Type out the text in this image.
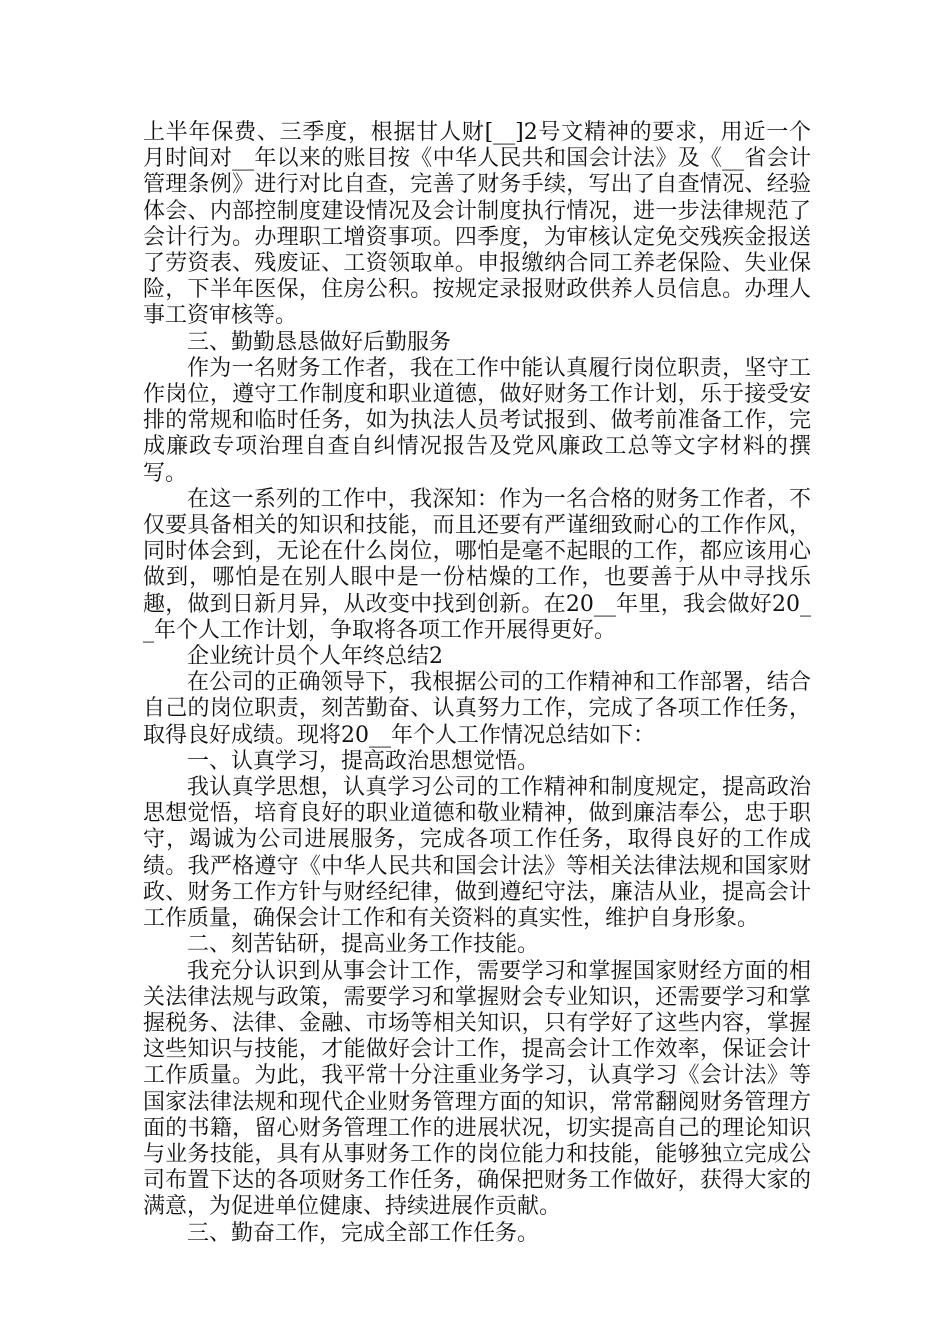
上半年保费、三季度，根据甘人财[__]2号文精神的要求，用近一个月时间对__年以来的账目按《中华人民共和国会计法》及《__省会计管理条例》进行对比自查，完善了财务手续，写出了自查情况、经验体会、内部控制度建设情况及会计制度执行情况，进一步法律规范了会计行为。办理职工增资事项。四季度，为审核认定免交残疾金报送了劳资表、残废证、工资领取单。申报缴纳合同工养老保险、失业保险，下半年医保，住房公积。按规定录报财政供养人员信息。办理人事工资审核等。

三、勤勤恳恳做好后勤服务

作为一名财务工作者，我在工作中能认真履行岗位职责，坚守工作岗位，遵守工作制度和职业道德，做好财务工作计划，乐于接受安排的常规和临时任务，如为执法人员考试报到、做考前准备工作，完成廉政专项治理自查自纠情况报告及党风廉政工总等文字材料的撰写。

在这一系列的工作中，我深知：作为一名合格的财务工作者，不仅要具备相关的知识和技能，而且还要有严谨细致耐心的工作作风，同时体会到，无论在什么岗位，哪怕是毫不起眼的工作，都应该用心做到，哪怕是在别人眼中是一份枯燥的工作，也要善于从中寻找乐趣，做到日新月异，从改变中找到创新。在20__年里，我会做好20__年个人工作计划，争取将各项工作开展得更好。

企业统计员个人年终总结2

在公司的正确领导下，我根据公司的工作精神和工作部署，结合自己的岗位职责，刻苦勤奋、认真努力工作，完成了各项工作任务，取得良好成绩。现将20__年个人工作情况总结如下：

一、认真学习，提高政治思想觉悟。

我认真学思想，认真学习公司的工作精神和制度规定，提高政治思想觉悟，培育良好的职业道德和敬业精神，做到廉洁奉公，忠于职守，竭诚为公司进展服务，完成各项工作任务，取得良好的工作成绩。我严格遵守《中华人民共和国会计法》等相关法律法规和国家财政、财务工作方针与财经纪律，做到遵纪守法，廉洁从业，提高会计工作质量，确保会计工作和有关资料的真实性，维护自身形象。

二、刻苦钻研，提高业务工作技能。

我充分认识到从事会计工作，需要学习和掌握国家财经方面的相关法律法规与政策，需要学习和掌握财会专业知识，还需要学习和掌握税务、法律、金融、市场等相关知识，只有学好了这些内容，掌握这些知识与技能，才能做好会计工作，提高会计工作效率，保证会计工作质量。为此，我平常十分注重业务学习，认真学习《会计法》等国家法律法规和现代企业财务管理方面的知识，常常翻阅财务管理方面的书籍，留心财务管理工作的进展状况，切实提高自己的理论知识与业务技能，具有从事财务工作的岗位能力和技能，能够独立完成公司布置下达的各项财务工作任务，确保把财务工作做好，获得大家的满意，为促进单位健康、持续进展作贡献。

三、勤奋工作，完成全部工作任务。
